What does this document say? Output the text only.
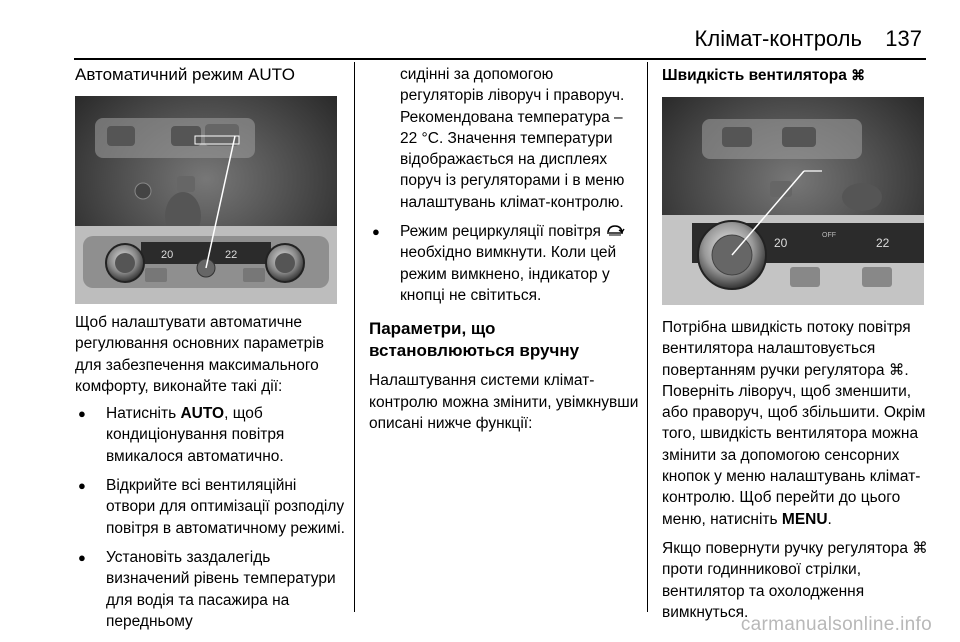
Клімат-контроль 137
Автоматичний режим AUTO
20	22

Щоб налаштувати автоматичне регулювання основних параметрів для забезпечення максимального комфорту, виконайте такі дії:

● Натисніть AUTO, щоб кондиціонування повітря вмикалося автоматично.
● Відкрийте всі вентиляційні отвори для оптимізації розподілу повітря в автоматичному режимі.
● Установіть заздалегідь визначений рівень температури для водія та пасажира на передньому

сидінні за допомогою регуляторів ліворуч і праворуч. Рекомендована температура – 22 °C. Значення температури відображається на дисплеях поруч із регуляторами і в меню налаштувань клімат-контролю.

● Режим рециркуляції повітря  необхідно вимкнути. Коли цей режим вимкнено, індикатор у кнопці не світиться.
Параметри, що встановлюються вручну

Налаштування системи клімат-контролю можна змінити, увімкнувши описані нижче функції:

Швидкість вентилятора ⌘
20
OFF
22

Потрібна швидкість потоку повітря вентилятора налаштовується повертанням ручки регулятора ⌘. Поверніть ліворуч, щоб зменшити, або праворуч, щоб збільшити. Окрім того, швидкість вентилятора можна змінити за допомогою сенсорних кнопок у меню налаштувань клімат-контролю. Щоб перейти до цього меню, натисніть MENU.

Якщо повернути ручку регулятора ⌘ проти годинникової стрілки, вентилятор та охолодження вимкнуться.

carmanualsonline.info
